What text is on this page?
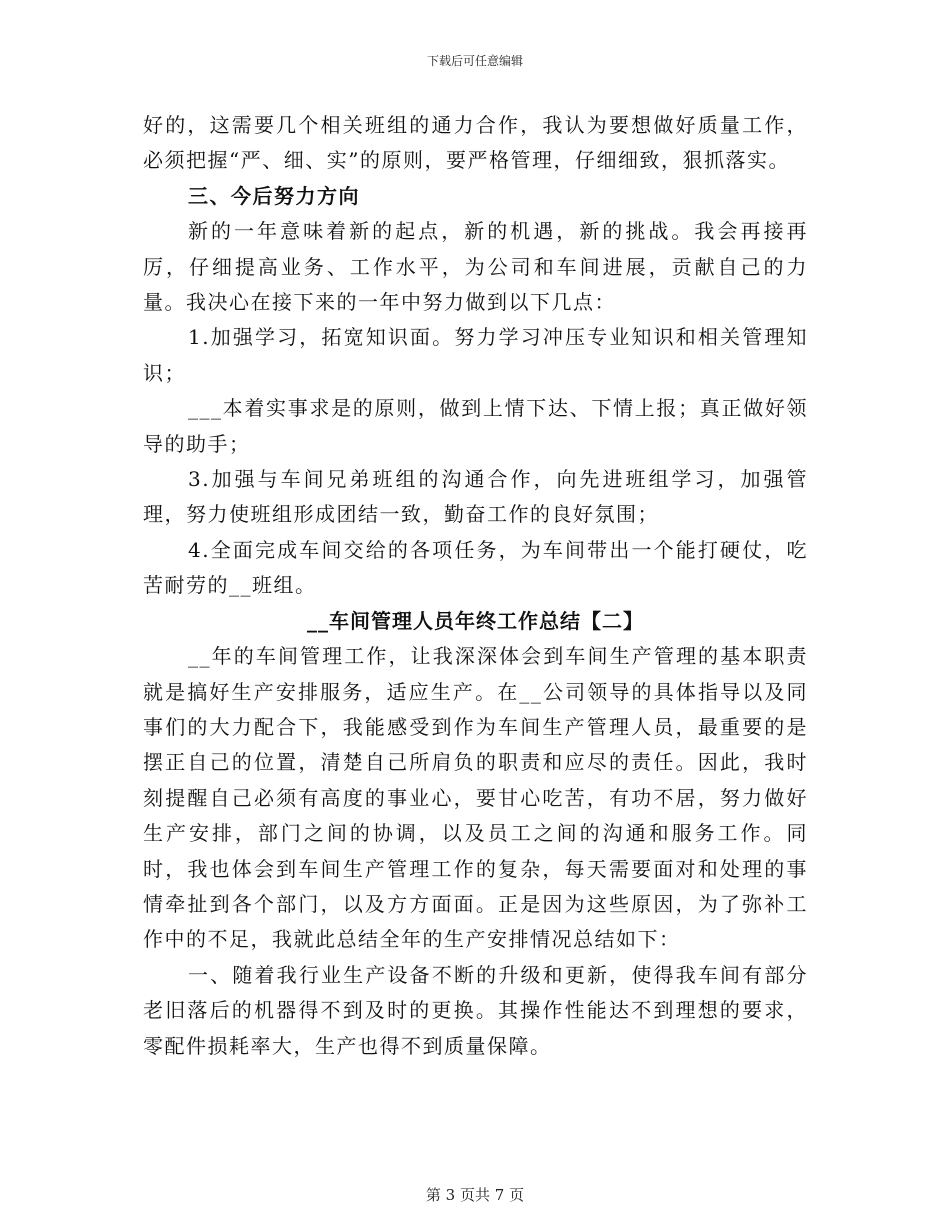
下载后可任意编辑

好的，这需要几个相关班组的通力合作，我认为要想做好质量工作，必须把握“严、细、实”的原则，要严格管理，仔细细致，狠抓落实。

三、今后努力方向

新的一年意味着新的起点，新的机遇，新的挑战。我会再接再厉，仔细提高业务、工作水平，为公司和车间进展，贡献自己的力量。我决心在接下来的一年中努力做到以下几点：

1.加强学习，拓宽知识面。努力学习冲压专业知识和相关管理知识；

___本着实事求是的原则，做到上情下达、下情上报；真正做好领导的助手；

3.加强与车间兄弟班组的沟通合作，向先进班组学习，加强管理，努力使班组形成团结一致，勤奋工作的良好氛围；

4.全面完成车间交给的各项任务，为车间带出一个能打硬仗，吃苦耐劳的__班组。

__车间管理人员年终工作总结【二】

__年的车间管理工作，让我深深体会到车间生产管理的基本职责就是搞好生产安排服务，适应生产。在__公司领导的具体指导以及同事们的大力配合下，我能感受到作为车间生产管理人员，最重要的是摆正自己的位置，清楚自己所肩负的职责和应尽的责任。因此，我时刻提醒自己必须有高度的事业心，要甘心吃苦，有功不居，努力做好生产安排，部门之间的协调，以及员工之间的沟通和服务工作。同时，我也体会到车间生产管理工作的复杂，每天需要面对和处理的事情牵扯到各个部门，以及方方面面。正是因为这些原因，为了弥补工作中的不足，我就此总结全年的生产安排情况总结如下：

一、随着我行业生产设备不断的升级和更新，使得我车间有部分老旧落后的机器得不到及时的更换。其操作性能达不到理想的要求，零配件损耗率大，生产也得不到质量保障。

第 3 页共 7 页
